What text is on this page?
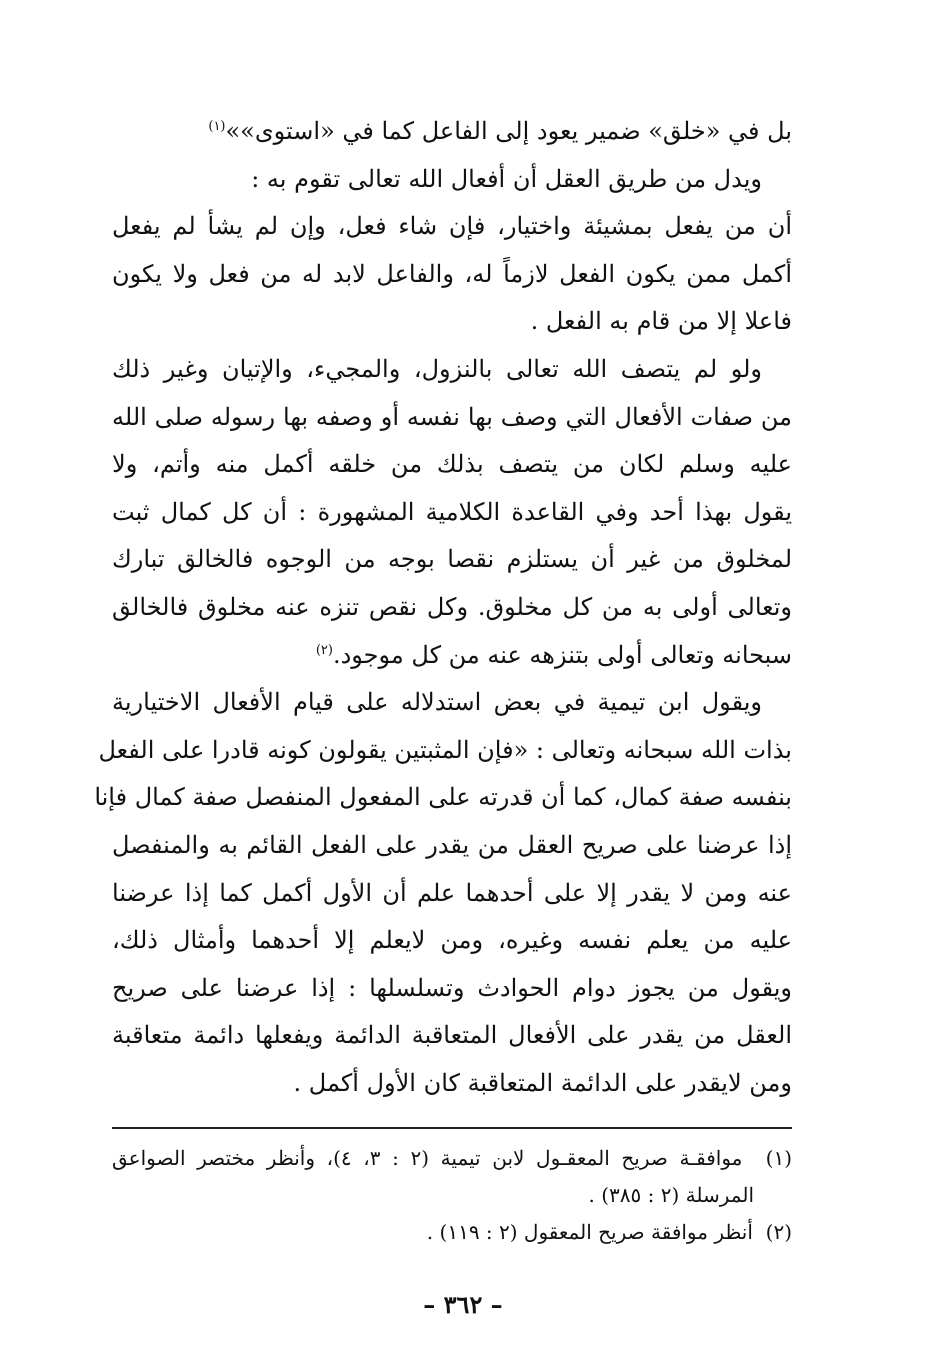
بل في «خلق» ضمير يعود إلى الفاعل كما في «استوى»»$^{(١)}$

ويدل من طريق العقل أن أفعال الله تعالى تقوم به :
أن من يفعل بمشيئة واختيار، فإن شاء فعل، وإن لم يشأ لم يفعل
أكمل ممن يكون الفعل لازماً له، والفاعل لابد له من فعل ولا يكون
فاعلا إلا من قام به الفعل .

ولو لم يتصف الله تعالى بالنزول، والمجيء، والإتيان وغير ذلك
من صفات الأفعال التي وصف بها نفسه أو وصفه بها رسوله صلى الله
عليه وسلم لكان من يتصف بذلك من خلقه أكمل منه وأتم، ولا
يقول بهذا أحد وفي القاعدة الكلامية المشهورة : أن كل كمال ثبت
لمخلوق من غير أن يستلزم نقصا بوجه من الوجوه فالخالق تبارك
وتعالى أولى به من كل مخلوق. وكل نقص تنزه عنه مخلوق فالخالق
سبحانه وتعالى أولى بتنزهه عنه من كل موجود.$^{(٢)}$

ويقول ابن تيمية في بعض استدلاله على قيام الأفعال الاختيارية
بذات الله سبحانه وتعالى : «فإن المثبتين يقولون كونه قادرا على الفعل
بنفسه صفة كمال، كما أن قدرته على المفعول المنفصل صفة كمال فإنا
إذا عرضنا على صريح العقل من يقدر على الفعل القائم به والمنفصل
عنه ومن لا يقدر إلا على أحدهما علم أن الأول أكمل كما إذا عرضنا
عليه من يعلم نفسه وغيره، ومن لايعلم إلا أحدهما وأمثال ذلك،
ويقول من يجوز دوام الحوادث وتسلسلها : إذا عرضنا على صريح
العقل من يقدر على الأفعال المتعاقبة الدائمة ويفعلها دائمة متعاقبة
ومن لايقدر على الدائمة المتعاقبة كان الأول أكمل .

(١)  موافقـة صريح المعقـول لابن تيمية (٢ : ٣، ٤)، وأنظر مختصر الصواعق
المرسلة (٢ : ٣٨٥) .
(٢)  أنظر موافقة صريح المعقول (٢ : ١١٩) .
– ٣٦٢ –
